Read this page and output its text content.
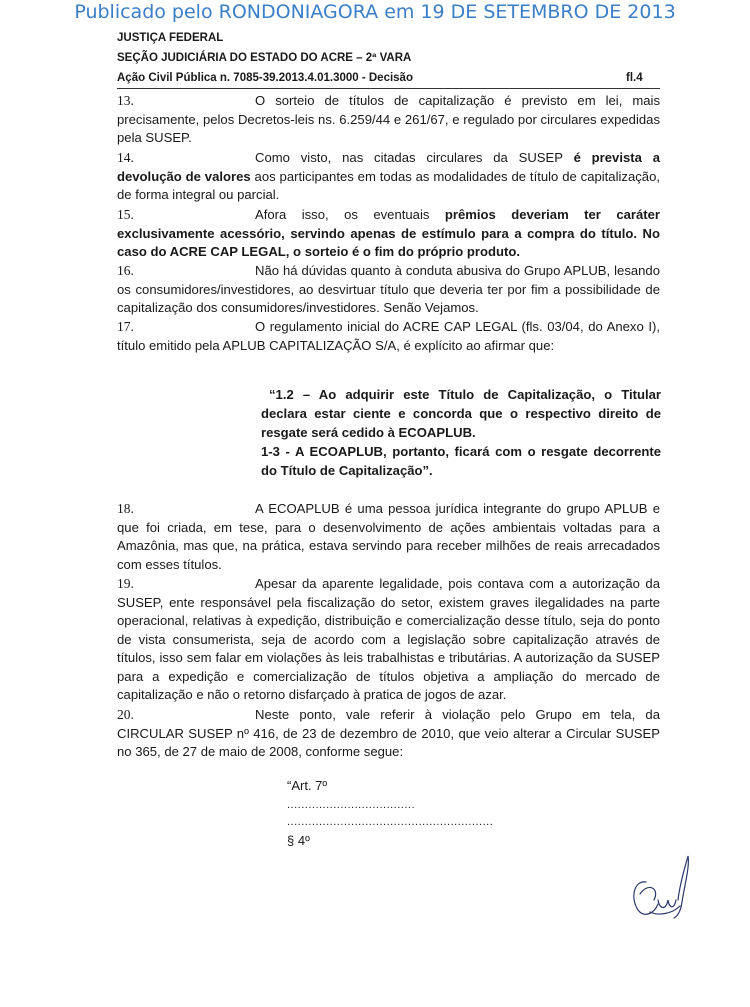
Publicado pelo RONDONIAGORA em 19 DE SETEMBRO DE 2013
JUSTIÇA FEDERAL
SEÇÃO JUDICIÁRIA DO ESTADO DO ACRE – 2ª VARA
Ação Civil Pública n. 7085-39.2013.4.01.3000 - Decisão	fl.4

13.	O sorteio de títulos de capitalização é previsto em lei, mais precisamente, pelos Decretos-leis ns. 6.259/44 e 261/67, e regulado por circulares expedidas pela SUSEP.

14.	Como visto, nas citadas circulares da SUSEP é prevista a devolução de valores aos participantes em todas as modalidades de título de capitalização, de forma integral ou parcial.

15.	Afora isso, os eventuais prêmios deveriam ter caráter exclusivamente acessório, servindo apenas de estímulo para a compra do título. No caso do ACRE CAP LEGAL, o sorteio é o fim do próprio produto.

16.	Não há dúvidas quanto à conduta abusiva do Grupo APLUB, lesando os consumidores/investidores, ao desvirtuar título que deveria ter por fim a possibilidade de capitalização dos consumidores/investidores. Senão Vejamos.

17.	O regulamento inicial do ACRE CAP LEGAL (fls. 03/04, do Anexo I), título emitido pela APLUB CAPITALIZAÇÃO S/A, é explícito ao afirmar que:

“1.2 – Ao adquirir este Título de Capitalização, o Titular declara estar ciente e concorda que o respectivo direito de resgate será cedido à ECOAPLUB.
1-3 - A ECOAPLUB, portanto, ficará com o resgate decorrente do Título de Capitalização”.

18.	A ECOAPLUB é uma pessoa jurídica integrante do grupo APLUB e que foi criada, em tese, para o desenvolvimento de ações ambientais voltadas para a Amazônia, mas que, na prática, estava servindo para receber milhões de reais arrecadados com esses títulos.

19.	Apesar da aparente legalidade, pois contava com a autorização da SUSEP, ente responsável pela fiscalização do setor, existem graves ilegalidades na parte operacional, relativas à expedição, distribuição e comercialização desse título, seja do ponto de vista consumerista, seja de acordo com a legislação sobre capitalização através de títulos, isso sem falar em violações às leis trabalhistas e tributárias. A autorização da SUSEP para a expedição e comercialização de títulos objetiva a ampliação do mercado de capitalização e não o retorno disfarçado à pratica de jogos de azar.

20.	Neste ponto, vale referir à violação pelo Grupo em tela, da CIRCULAR SUSEP nº 416, de 23 de dezembro de 2010, que veio alterar a Circular SUSEP no 365, de 27 de maio de 2008, conforme segue:

“Art. 7º
....................................
..........................................................
§ 4º
